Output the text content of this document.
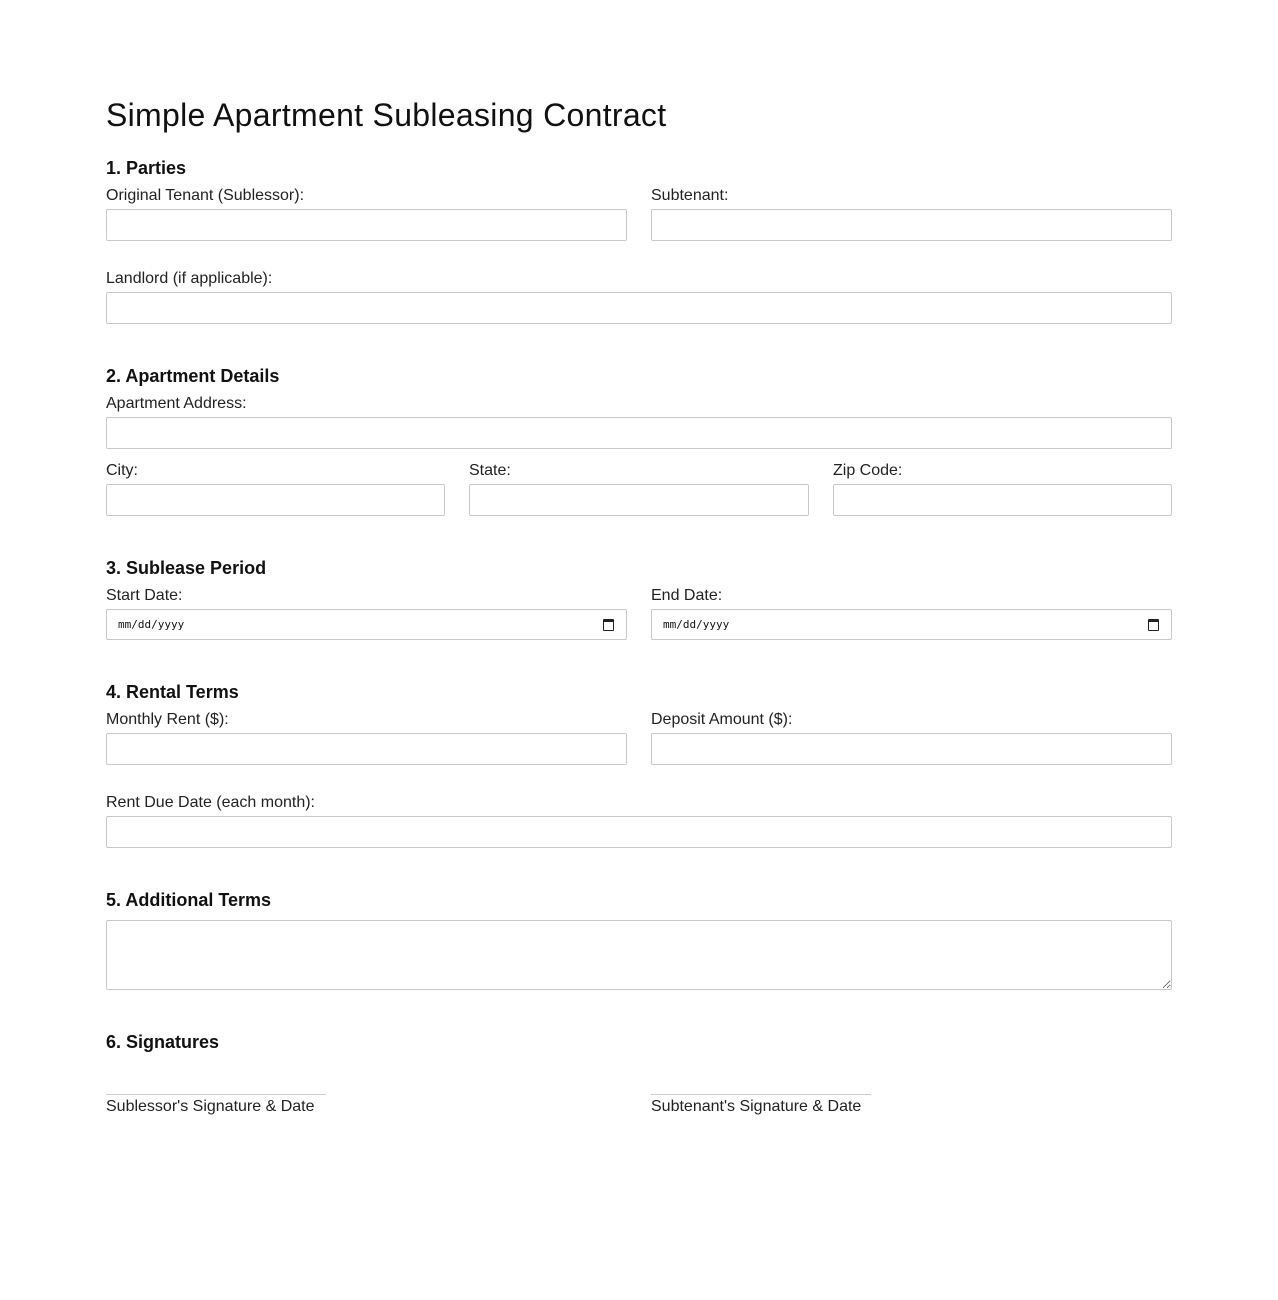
Simple Apartment Subleasing Contract
1. Parties
Original Tenant (Sublessor):	Subtenant:
Landlord (if applicable):
2. Apartment Details
Apartment Address:
City:	State:	Zip Code:
3. Sublease Period
Start Date:
mm/dd/yyyy
End Date:
mm/dd/yyyy
4. Rental Terms
Monthly Rent ($):	Deposit Amount ($):
Rent Due Date (each month):
5. Additional Terms
6. Signatures
Sublessor's Signature & Date	Subtenant's Signature & Date
